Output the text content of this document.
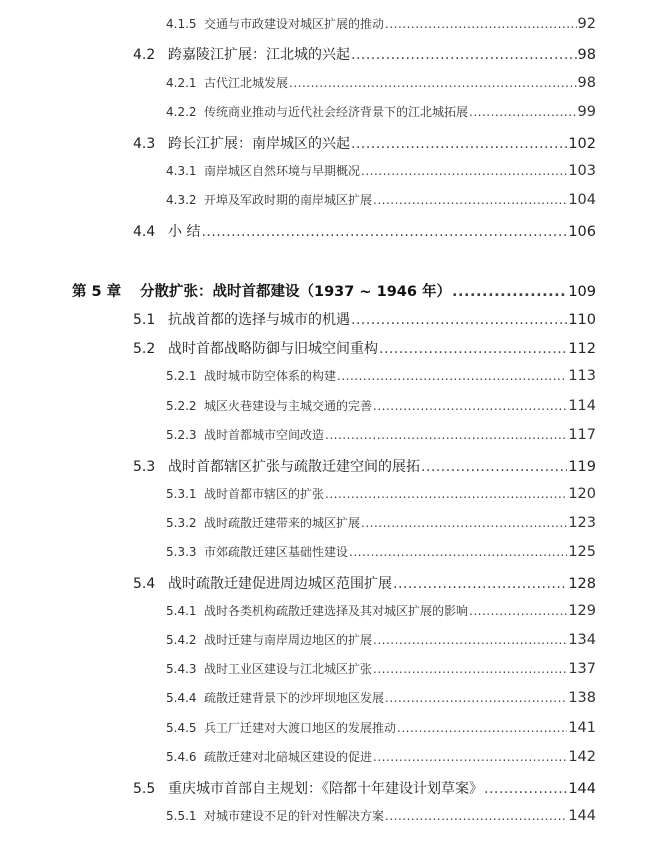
4.1.5 交通与市政建设对城区扩展的推动 .....	92
4.2 跨嘉陵江扩展：江北城的兴起 .....	98
4.2.1 古代江北城发展 .....	98
4.2.2 传统商业推动与近代社会经济背景下的江北城拓展 .....	99
4.3 跨长江扩展：南岸城区的兴起 .....	102
4.3.1 南岸城区自然环境与早期概况 .....	103
4.3.2 开埠及军政时期的南岸城区扩展 .....	104
4.4 小 结 .....	106
第 5 章	分散扩张：战时首都建设（1937 ~ 1946 年） .....	109
5.1 抗战首都的选择与城市的机遇 .....	110
5.2 战时首都战略防御与旧城空间重构 .....	112
5.2.1 战时城市防空体系的构建 .....	113
5.2.2 城区火巷建设与主城交通的完善 .....	114
5.2.3 战时首都城市空间改造 .....	117
5.3 战时首都辖区扩张与疏散迁建空间的展拓 .....	119
5.3.1 战时首都市辖区的扩张 .....	120
5.3.2 战时疏散迁建带来的城区扩展 .....	123
5.3.3 市郊疏散迁建区基础性建设 .....	125
5.4 战时疏散迁建促进周边城区范围扩展 .....	128
5.4.1 战时各类机构疏散迁建选择及其对城区扩展的影响 .....	129
5.4.2 战时迁建与南岸周边地区的扩展 .....	134
5.4.3 战时工业区建设与江北城区扩张 .....	137
5.4.4 疏散迁建背景下的沙坪坝地区发展 .....	138
5.4.5 兵工厂迁建对大渡口地区的发展推动 .....	141
5.4.6 疏散迁建对北碚城区建设的促进 .....	142
5.5 重庆城市首部自主规划：《陪都十年建设计划草案》 .....	144
5.5.1 对城市建设不足的针对性解决方案 .....	144
